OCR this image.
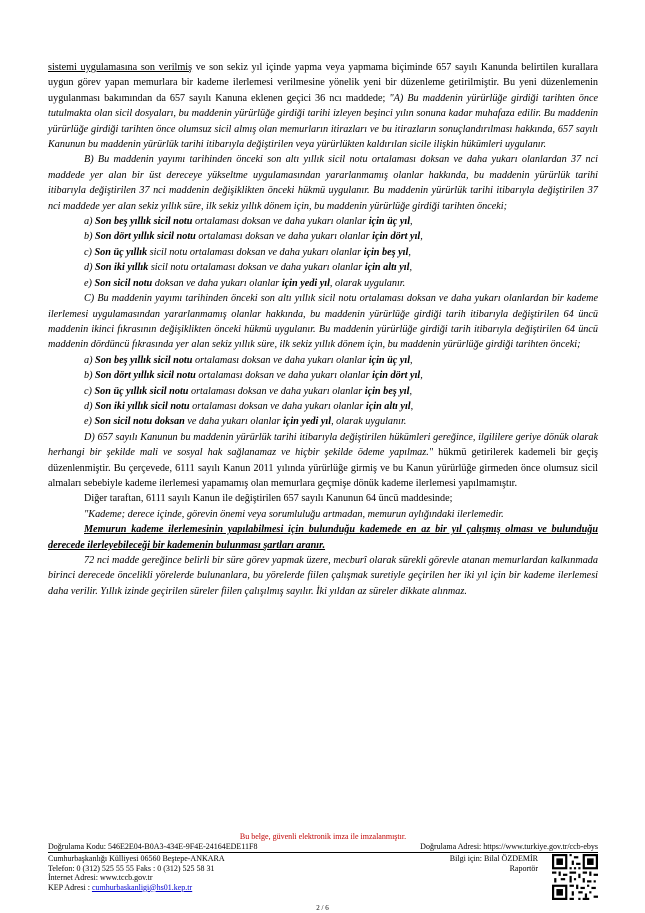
sistemi uygulamasına son verilmiş ve son sekiz yıl içinde yapma veya yapmama biçiminde 657 sayılı Kanunda belirtilen kurallara uygun görev yapan memurlara bir kademe ilerlemesi verilmesine yönelik yeni bir düzenleme getirilmiştir. Bu yeni düzenlemenin uygulanması bakımından da 657 sayılı Kanuna eklenen geçici 36 ncı maddede; "A) Bu maddenin yürürlüğe girdiği tarihten önce tutulmakta olan sicil dosyaları, bu maddenin yürürlüğe girdiği tarihi izleyen beşinci yılın sonuna kadar muhafaza edilir. Bu maddenin yürürlüğe girdiği tarihten önce olumsuz sicil almış olan memurların itirazları ve bu itirazların sonuçlandırılması hakkında, 657 sayılı Kanunun bu maddenin yürürlük tarihi itibarıyla değiştirilen veya yürürlükten kaldırılan sicile ilişkin hükümleri uygulanır.

B) Bu maddenin yayımı tarihinden önceki son altı yıllık sicil notu ortalaması doksan ve daha yukarı olanlardan 37 nci maddede yer alan bir üst dereceye yükseltme uygulamasından yararlanmamış olanlar hakkında, bu maddenin yürürlük tarihi itibarıyla değiştirilen 37 nci maddenin değişiklikten önceki hükmü uygulanır. Bu maddenin yürürlük tarihi itibarıyla değiştirilen 37 nci maddede yer alan sekiz yıllık süre, ilk sekiz yıllık dönem için, bu maddenin yürürlüğe girdiği tarihten önceki;

a) Son beş yıllık sicil notu ortalaması doksan ve daha yukarı olanlar için üç yıl,

b) Son dört yıllık sicil notu ortalaması doksan ve daha yukarı olanlar için dört yıl,

c) Son üç yıllık sicil notu ortalaması doksan ve daha yukarı olanlar için beş yıl,

d) Son iki yıllık sicil notu ortalaması doksan ve daha yukarı olanlar için altı yıl,

e) Son sicil notu doksan ve daha yukarı olanlar için yedi yıl, olarak uygulanır.

C) Bu maddenin yayımı tarihinden önceki son altı yıllık sicil notu ortalaması doksan ve daha yukarı olanlardan bir kademe ilerlemesi uygulamasından yararlanmamış olanlar hakkında, bu maddenin yürürlüğe girdiği tarih itibarıyla değiştirilen 64 üncü maddenin ikinci fıkrasının değişiklikten önceki hükmü uygulanır. Bu maddenin yürürlüğe girdiği tarih itibarıyla değiştirilen 64 üncü maddenin dördüncü fıkrasında yer alan sekiz yıllık süre, ilk sekiz yıllık dönem için, bu maddenin yürürlüğe girdiği tarihten önceki;

a) Son beş yıllık sicil notu ortalaması doksan ve daha yukarı olanlar için üç yıl,

b) Son dört yıllık sicil notu ortalaması doksan ve daha yukarı olanlar için dört yıl,

c) Son üç yıllık sicil notu ortalaması doksan ve daha yukarı olanlar için beş yıl,

d) Son iki yıllık sicil notu ortalaması doksan ve daha yukarı olanlar için altı yıl,

e) Son sicil notu doksan ve daha yukarı olanlar için yedi yıl, olarak uygulanır.

D) 657 sayılı Kanunun bu maddenin yürürlük tarihi itibarıyla değiştirilen hükümleri gereğince, ilgililere geriye dönük olarak herhangi bir şekilde mali ve sosyal hak sağlanamaz ve hiçbir şekilde ödeme yapılmaz." hükmü getirilerek kademeli bir geçiş düzenlenmiştir. Bu çerçevede, 6111 sayılı Kanun 2011 yılında yürürlüğe girmiş ve bu Kanun yürürlüğe girmeden önce olumsuz sicil almaları sebebiyle kademe ilerlemesi yapamamış olan memurlara geçmişe dönük kademe ilerlemesi yapılmamıştır.

Diğer taraftan, 6111 sayılı Kanun ile değiştirilen 657 sayılı Kanunun 64 üncü maddesinde;

"Kademe; derece içinde, görevin önemi veya sorumluluğu artmadan, memurun aylığındaki ilerlemedir.

Memurun kademe ilerlemesinin yapılabilmesi için bulunduğu kademede en az bir yıl çalışmış olması ve bulunduğu derecede ilerleyebileceği bir kademenin bulunması şartları aranır.

72 nci madde gereğince belirli bir süre görev yapmak üzere, mecburî olarak sürekli görevle atanan memurlardan kalkınmada birinci derecede öncelikli yörelerde bulunanlara, bu yörelerde fiilen çalışmak suretiyle geçirilen her iki yıl için bir kademe ilerlemesi daha verilir. Yıllık izinde geçirilen süreler fiilen çalışılmış sayılır. İki yıldan az süreler dikkate alınmaz.

Bu belge, güvenli elektronik imza ile imzalanmıştır.
Doğrulama Kodu: 546E2E04-B0A3-434E-9F4E-24164EDE11F8	Doğrulama Adresi: https://www.turkiye.gov.tr/ccb-ebys
Cumhurbaşkanlığı Külliyesi 06560 Beştepe-ANKARA
Telefon: 0 (312) 525 55 55 Faks : 0 (312) 525 58 31
İnternet Adresi: www.tccb.gov.tr
KEP Adresi : cumhurbaskanligi@hs01.kep.tr
Bilgi için: Bilal ÖZDEMİR
Raportör
2 / 6
